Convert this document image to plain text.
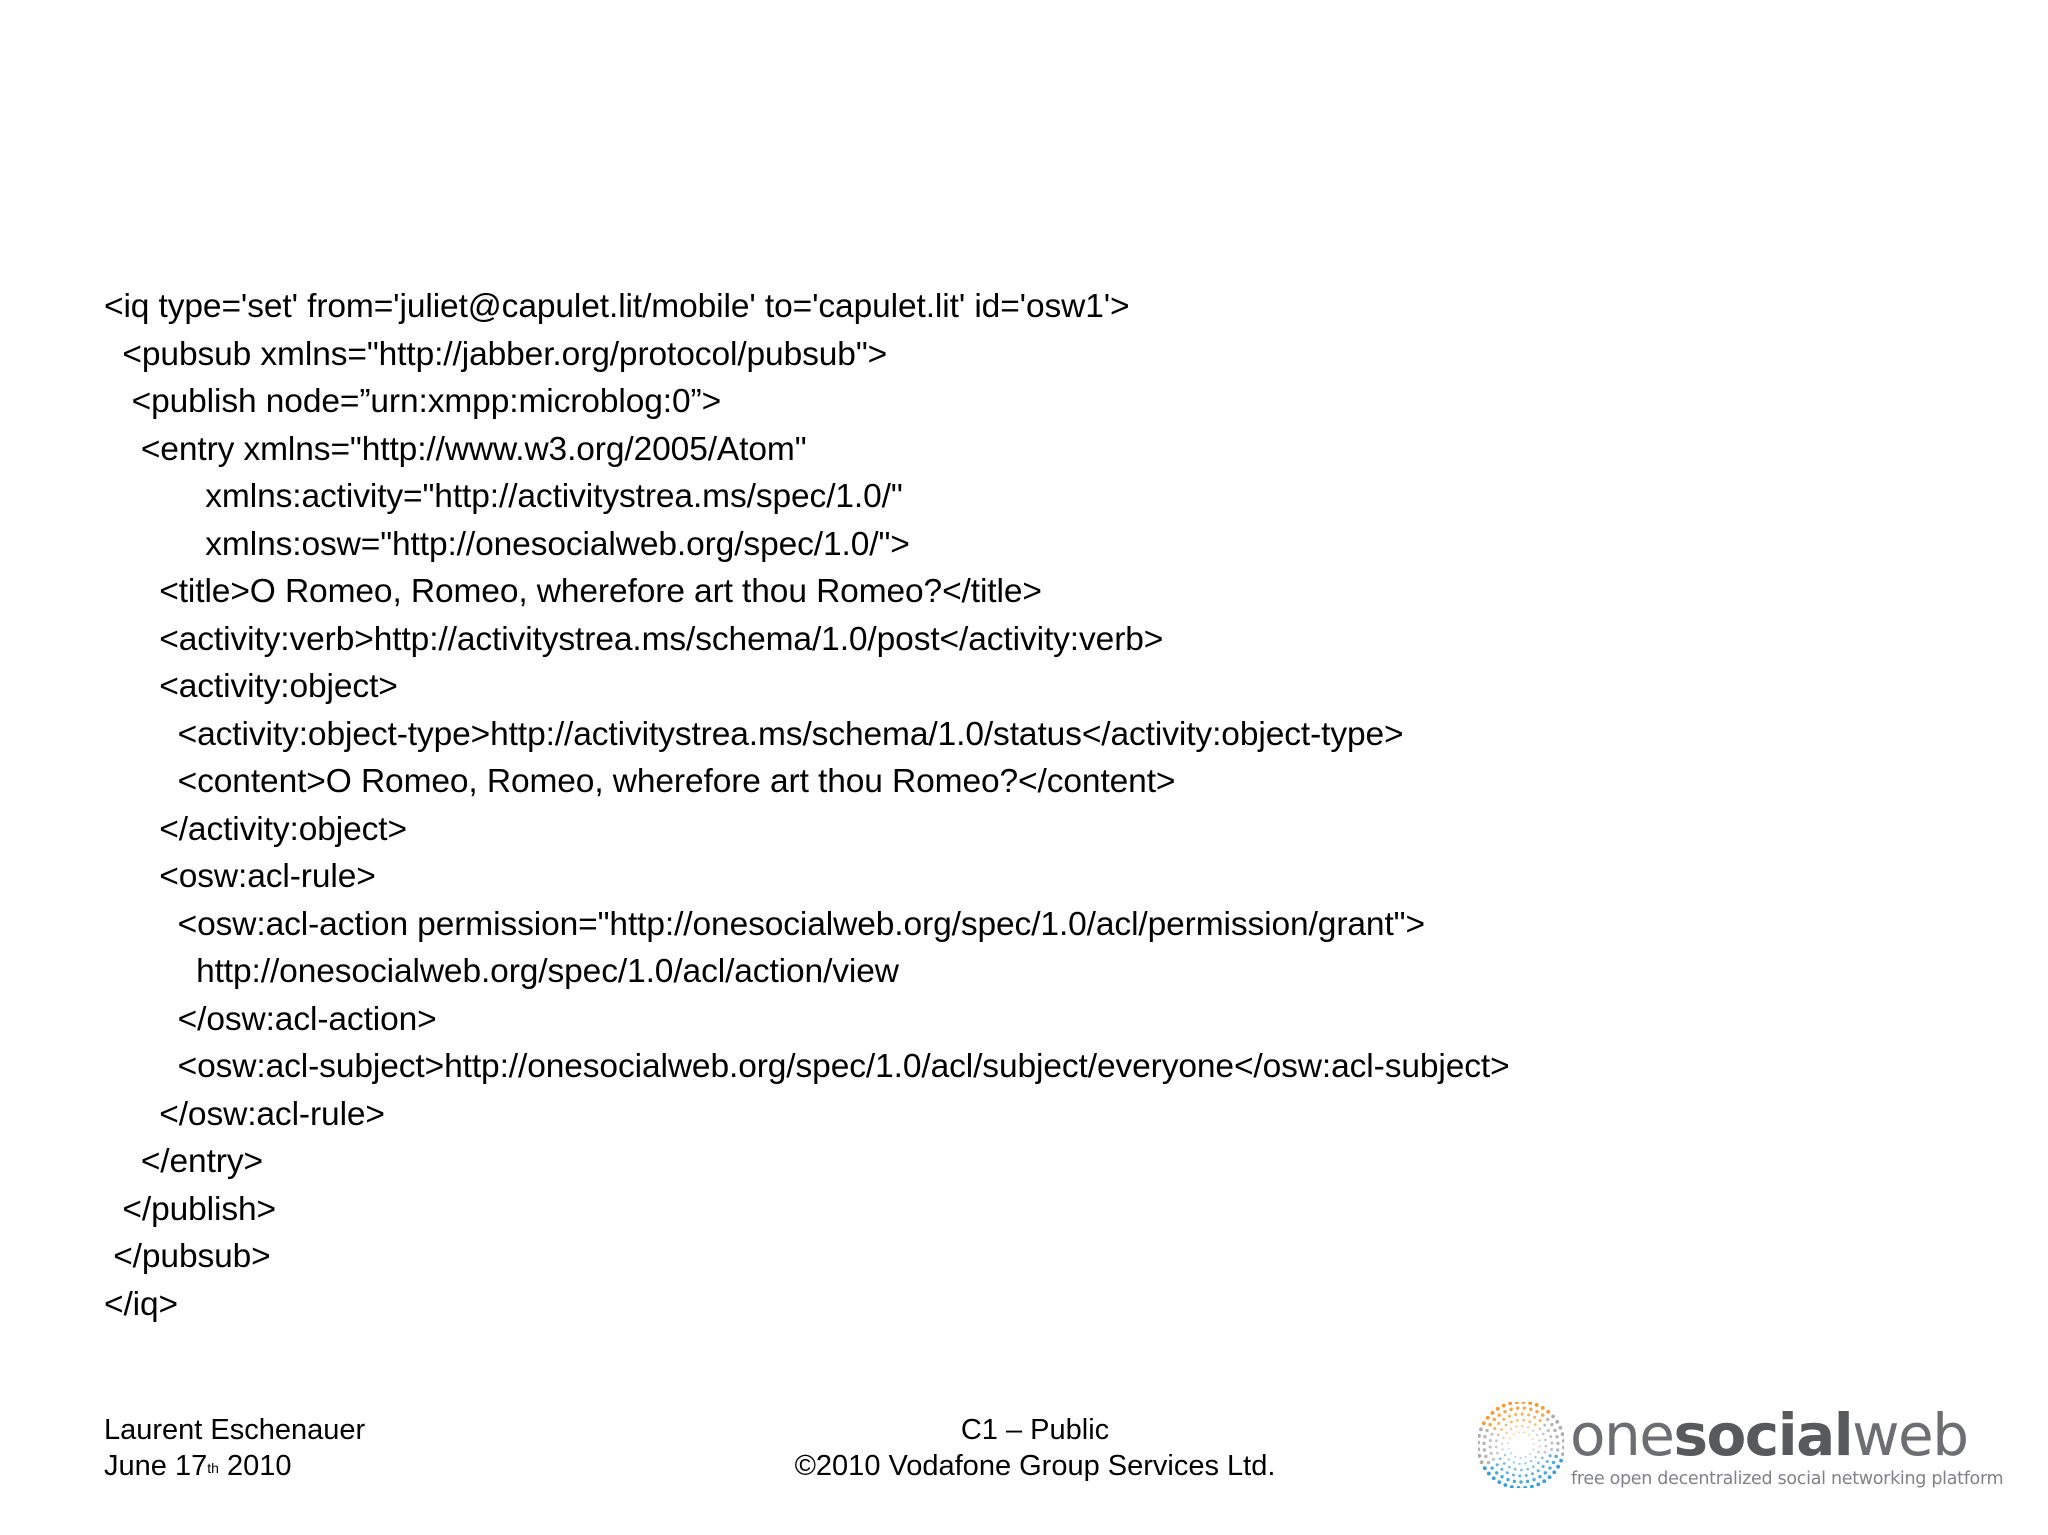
<iq type='set' from='juliet@capulet.lit/mobile' to='capulet.lit' id='osw1'>
<pubsub xmlns="http://jabber.org/protocol/pubsub">
<publish node=”urn:xmpp:microblog:0”>
<entry xmlns="http://www.w3.org/2005/Atom"
xmlns:activity="http://activitystrea.ms/spec/1.0/"
xmlns:osw="http://onesocialweb.org/spec/1.0/">
<title>O Romeo, Romeo, wherefore art thou Romeo?</title>
<activity:verb>http://activitystrea.ms/schema/1.0/post</activity:verb>
<activity:object>
<activity:object-type>http://activitystrea.ms/schema/1.0/status</activity:object-type>
<content>O Romeo, Romeo, wherefore art thou Romeo?</content>
</activity:object>
<osw:acl-rule>
<osw:acl-action permission="http://onesocialweb.org/spec/1.0/acl/permission/grant">
http://onesocialweb.org/spec/1.0/acl/action/view
</osw:acl-action>
<osw:acl-subject>http://onesocialweb.org/spec/1.0/acl/subject/everyone</osw:acl-subject>
</osw:acl-rule>
</entry>
</publish>
</pubsub>
</iq>
Laurent Eschenauer
June 17th 2010
C1 – Public
©2010 Vodafone Group Services Ltd.	onesocialweb
free open decentralized social networking platform
